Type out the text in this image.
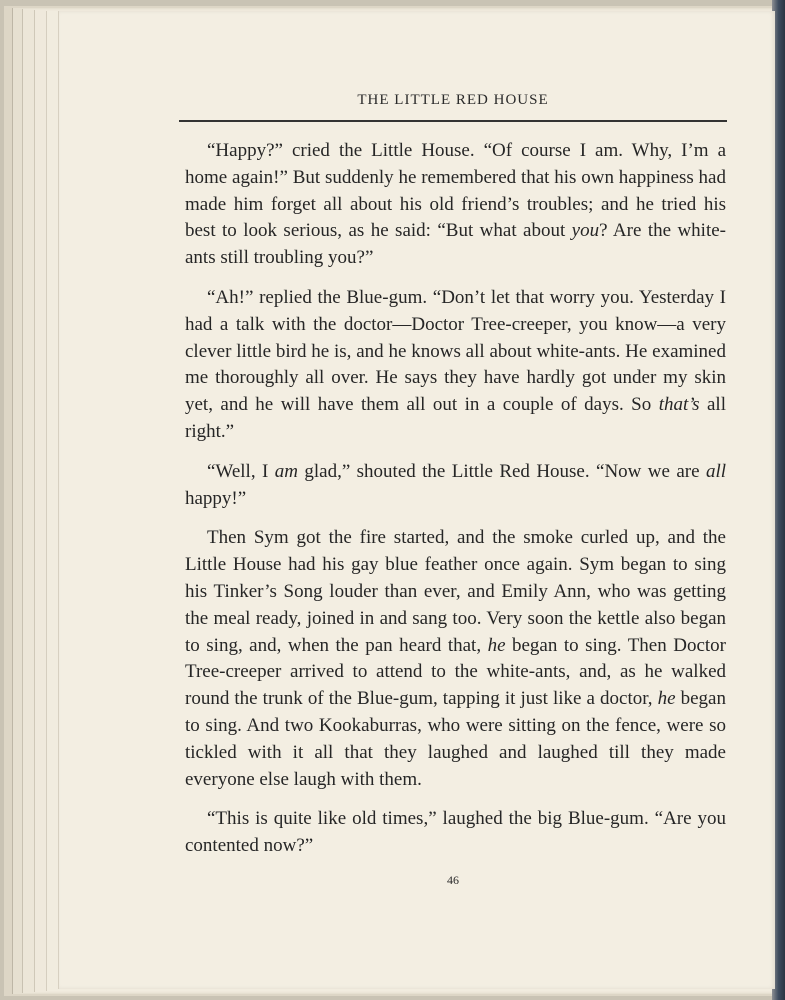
THE LITTLE RED HOUSE

“Happy?” cried the Little House. “Of course I am. Why, I’m a home again!” But suddenly he remembered that his own happiness had made him forget all about his old friend’s troubles; and he tried his best to look serious, as he said: “But what about you? Are the white-ants still troubling you?”

“Ah!” replied the Blue-gum. “Don’t let that worry you. Yesterday I had a talk with the doctor—Doctor Tree-creeper, you know—a very clever little bird he is, and he knows all about white-ants. He examined me thoroughly all over. He says they have hardly got under my skin yet, and he will have them all out in a couple of days. So that’s all right.”

“Well, I am glad,” shouted the Little Red House. “Now we are all happy!”

Then Sym got the fire started, and the smoke curled up, and the Little House had his gay blue feather once again. Sym began to sing his Tinker’s Song louder than ever, and Emily Ann, who was getting the meal ready, joined in and sang too. Very soon the kettle also began to sing, and, when the pan heard that, he began to sing. Then Doctor Tree-creeper arrived to attend to the white-ants, and, as he walked round the trunk of the Blue-gum, tapping it just like a doctor, he began to sing. And two Kookaburras, who were sitting on the fence, were so tickled with it all that they laughed and laughed till they made everyone else laugh with them.

“This is quite like old times,” laughed the big Blue-gum. “Are you contented now?”

46
